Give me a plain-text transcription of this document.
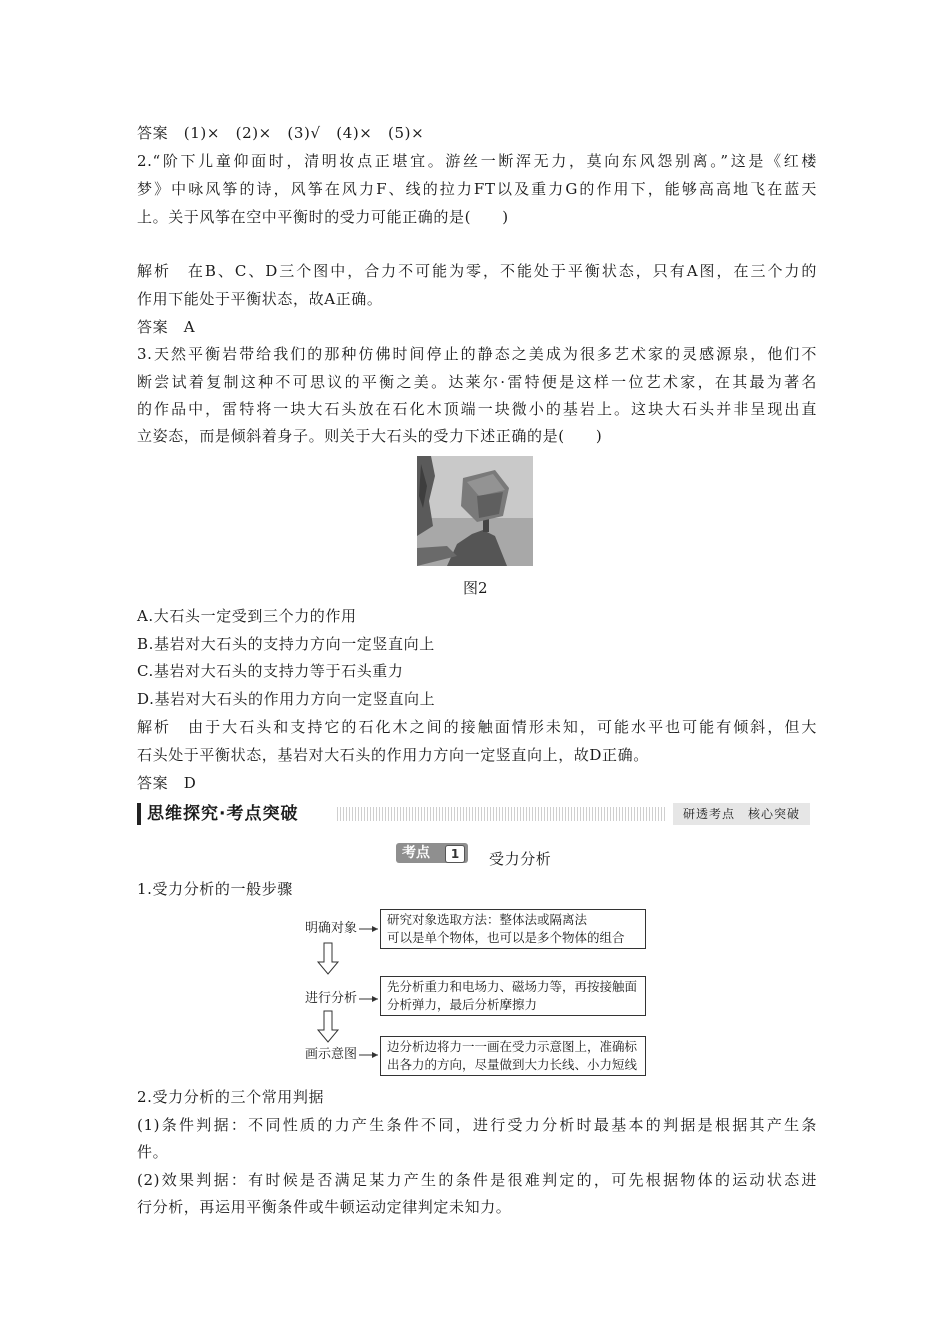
答案　(1)×　(2)×　(3)√　(4)×　(5)×
2.“阶下儿童仰面时，清明妆点正堪宜。游丝一断浑无力，莫向东风怨别离。”这是《红楼
梦》中咏风筝的诗，风筝在风力F、线的拉力FT以及重力G的作用下，能够高高地飞在蓝天
上。关于风筝在空中平衡时的受力可能正确的是(　　)
解析　在B、C、D三个图中，合力不可能为零，不能处于平衡状态，只有A图，在三个力的
作用下能处于平衡状态，故A正确。
答案　A
3.天然平衡岩带给我们的那种仿佛时间停止的静态之美成为很多艺术家的灵感源泉，他们不
断尝试着复制这种不可思议的平衡之美。达莱尔·雷特便是这样一位艺术家，在其最为著名
的作品中，雷特将一块大石头放在石化木顶端一块微小的基岩上。这块大石头并非呈现出直
立姿态，而是倾斜着身子。则关于大石头的受力下述正确的是(　　)
图2
A.大石头一定受到三个力的作用
B.基岩对大石头的支持力方向一定竖直向上
C.基岩对大石头的支持力等于石头重力
D.基岩对大石头的作用力方向一定竖直向上
解析　由于大石头和支持它的石化木之间的接触面情形未知，可能水平也可能有倾斜，但大
石头处于平衡状态，基岩对大石头的作用力方向一定竖直向上，故D正确。
答案　D
思维探究·考点突破	研透考点　核心突破
考点	1	受力分析
1.受力分析的一般步骤
明确对象
研究对象选取方法：整体法或隔离法
可以是单个物体，也可以是多个物体的组合
进行分析
先分析重力和电场力、磁场力等，再按接触面
分析弹力，最后分析摩擦力
画示意图
边分析边将力一一画在受力示意图上，准确标
出各力的方向，尽量做到大力长线、小力短线
2.受力分析的三个常用判据
(1)条件判据：不同性质的力产生条件不同，进行受力分析时最基本的判据是根据其产生条
件。
(2)效果判据：有时候是否满足某力产生的条件是很难判定的，可先根据物体的运动状态进
行分析，再运用平衡条件或牛顿运动定律判定未知力。
